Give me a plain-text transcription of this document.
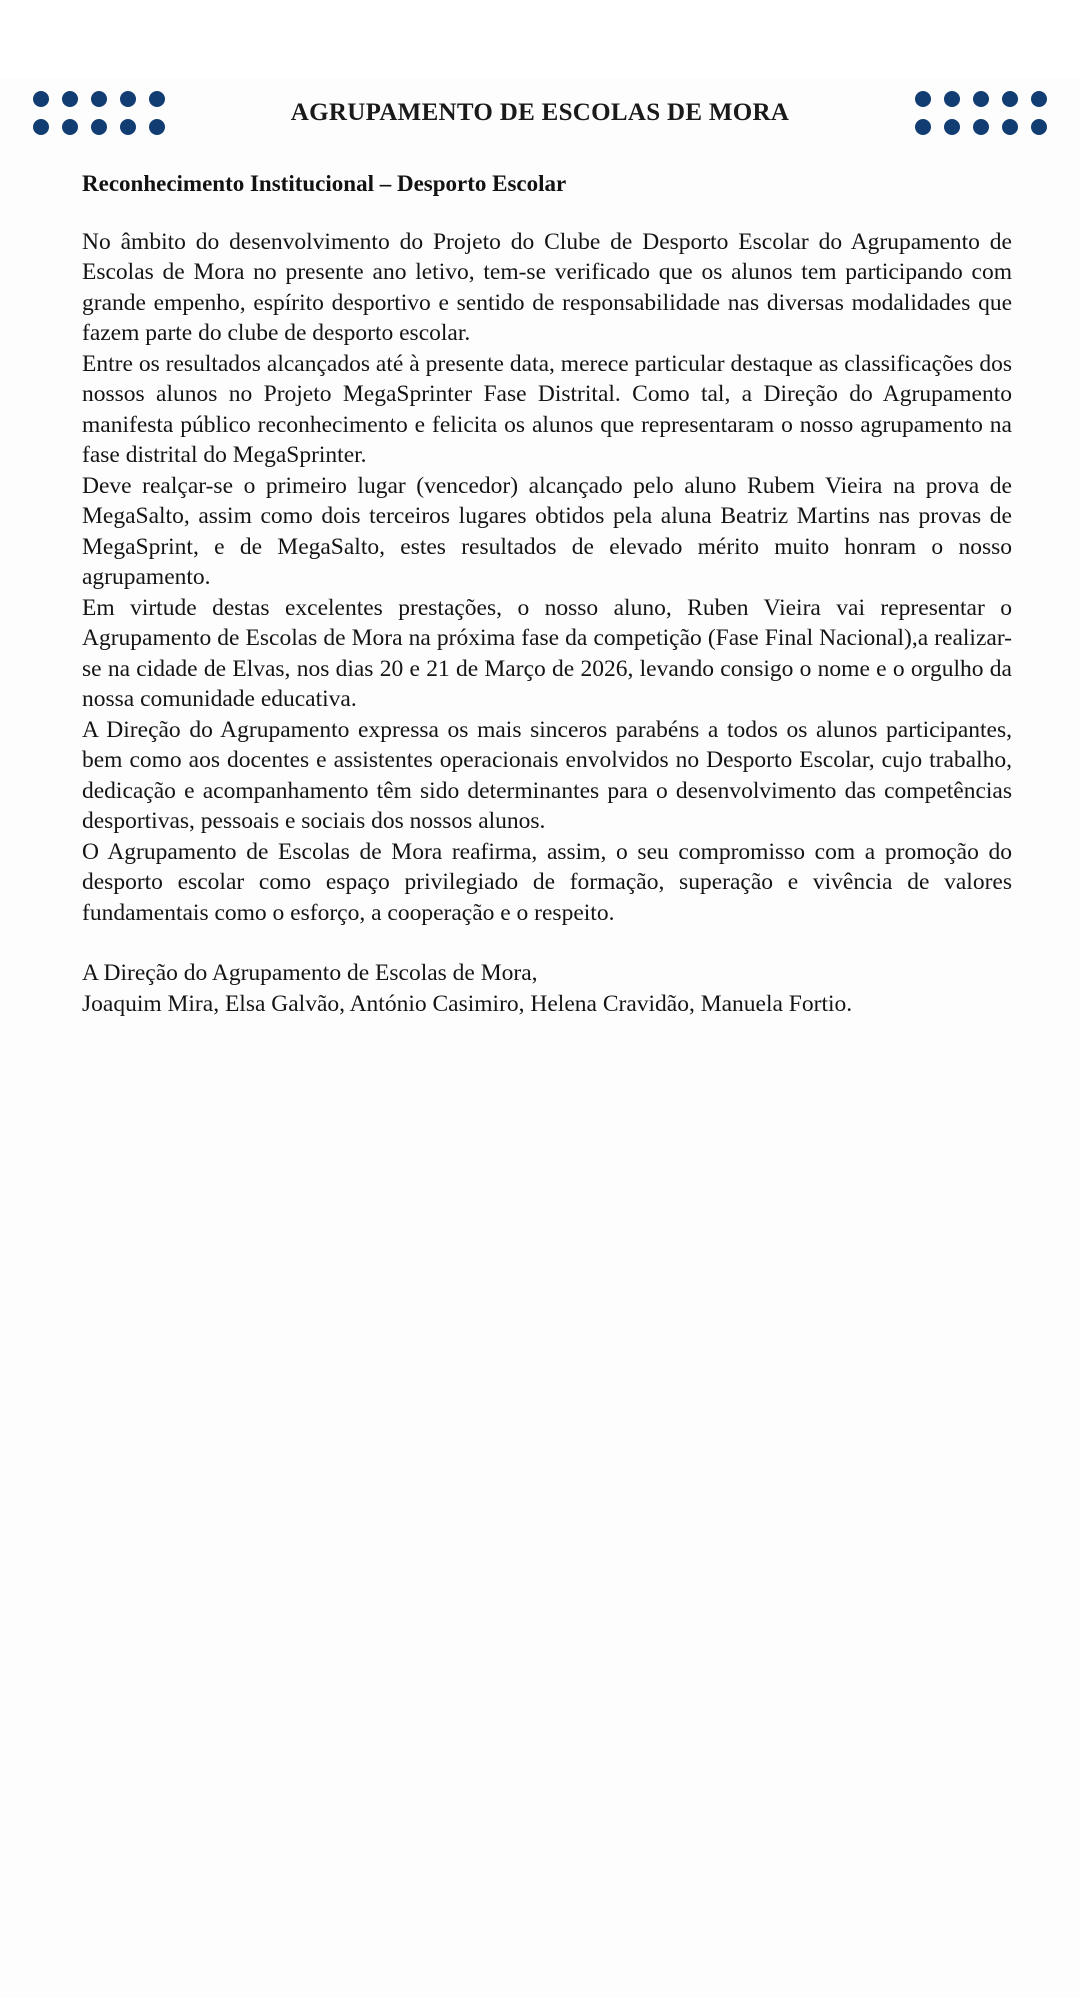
AGRUPAMENTO DE ESCOLAS DE MORA
Reconhecimento Institucional – Desporto Escolar

No âmbito do desenvolvimento do Projeto do Clube de Desporto Escolar do Agrupamento de Escolas de Mora no presente ano letivo, tem-se verificado que os alunos tem participando com grande empenho, espírito desportivo e sentido de responsabilidade nas diversas modalidades que fazem parte do clube de desporto escolar.

Entre os resultados alcançados até à presente data, merece particular destaque as classificações dos nossos alunos no Projeto MegaSprinter Fase Distrital. Como tal, a Direção do Agrupamento manifesta público reconhecimento e felicita os alunos que representaram o nosso agrupamento na fase distrital do MegaSprinter.

Deve realçar-se o primeiro lugar (vencedor) alcançado pelo aluno Rubem Vieira na prova de MegaSalto, assim como dois terceiros lugares obtidos pela aluna Beatriz Martins nas provas de MegaSprint, e de MegaSalto, estes resultados de elevado mérito muito honram o nosso agrupamento.

Em virtude destas excelentes prestações, o nosso aluno, Ruben Vieira vai representar o Agrupamento de Escolas de Mora na próxima fase da competição (Fase Final Nacional),a realizar-se na cidade de Elvas, nos dias 20 e 21 de Março de 2026, levando consigo o nome e o orgulho da nossa comunidade educativa.

A Direção do Agrupamento expressa os mais sinceros parabéns a todos os alunos participantes, bem como aos docentes e assistentes operacionais envolvidos no Desporto Escolar, cujo trabalho, dedicação e acompanhamento têm sido determinantes para o desenvolvimento das competências desportivas, pessoais e sociais dos nossos alunos.

O Agrupamento de Escolas de Mora reafirma, assim, o seu compromisso com a promoção do desporto escolar como espaço privilegiado de formação, superação e vivência de valores fundamentais como o esforço, a cooperação e o respeito.

A Direção do Agrupamento de Escolas de Mora,

Joaquim Mira, Elsa Galvão, António Casimiro, Helena Cravidão, Manuela Fortio.
